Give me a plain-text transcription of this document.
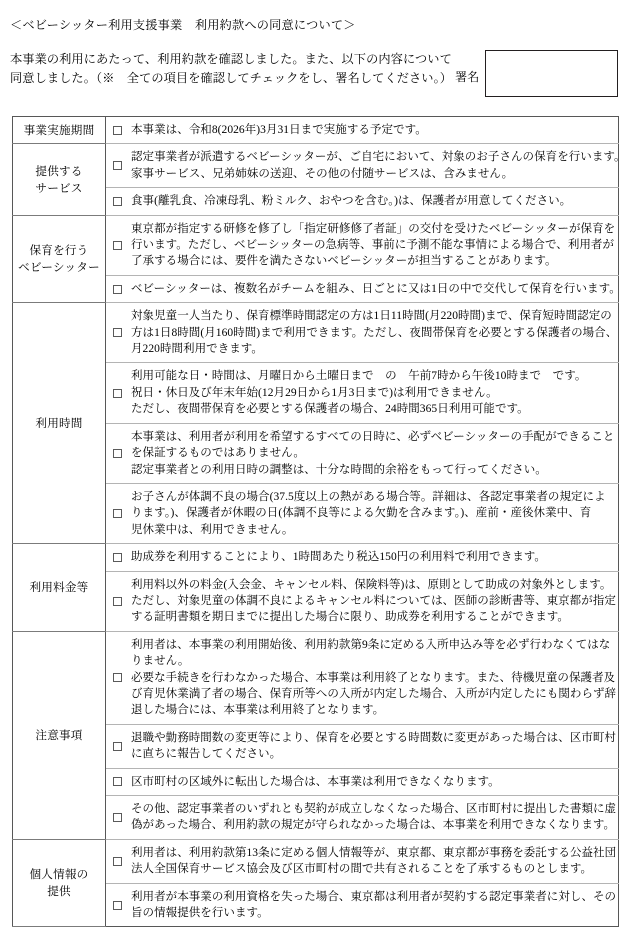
＜ベビーシッター利用支援事業　利用約款への同意について＞
本事業の利用にあたって、利用約款を確認しました。また、以下の内容について
同意しました。（※　全ての項目を確認してチェックをし、署名してください。） 署名
事業実施期間	本事業は、令和8(2026年)3月31日まで実施する予定です。

提供する
サービス	認定事業者が派遣するベビーシッターが、ご自宅において、対象のお子さんの保育を行います。
家事サービス、兄弟姉妹の送迎、その他の付随サービスは、含みません。

	食事(離乳食、冷凍母乳、粉ミルク、おやつを含む。)は、保護者が用意してください。

保育を行う
ベビーシッター	東京都が指定する研修を修了し「指定研修修了者証」の交付を受けたベビーシッターが保育を
行います。ただし、ベビーシッターの急病等、事前に予測不能な事情による場合で、利用者が
了承する場合には、要件を満たさないベビーシッターが担当することがあります。

	ベビーシッターは、複数名がチームを組み、日ごとに又は1日の中で交代して保育を行います。

利用時間	対象児童一人当たり、保育標準時間認定の方は1日11時間(月220時間)まで、保育短時間認定の
方は1日8時間(月160時間)まで利用できます。ただし、夜間帯保育を必要とする保護者の場合、
月220時間利用できます。

	利用可能な日・時間は、月曜日から土曜日まで　の　午前7時から午後10時まで　です。
祝日・休日及び年末年始(12月29日から1月3日まで)は利用できません。
ただし、夜間帯保育を必要とする保護者の場合、24時間365日利用可能です。

	本事業は、利用者が利用を希望するすべての日時に、必ずベビーシッターの手配ができること
を保証するものではありません。
認定事業者との利用日時の調整は、十分な時間的余裕をもって行ってください。

	お子さんが体調不良の場合(37.5度以上の熱がある場合等。詳細は、各認定事業者の規定によ
ります。)、保護者が休暇の日(体調不良等による欠勤を含みます。)、産前・産後休業中、育
児休業中は、利用できません。

利用料金等	助成券を利用することにより、1時間あたり税込150円の利用料で利用できます。

	利用料以外の料金(入会金、キャンセル料、保険料等)は、原則として助成の対象外とします。
ただし、対象児童の体調不良によるキャンセル料については、医師の診断書等、東京都が指定
する証明書類を期日までに提出した場合に限り、助成券を利用することができます。

注意事項	利用者は、本事業の利用開始後、利用約款第9条に定める入所申込み等を必ず行わなくてはな
りません。
必要な手続きを行わなかった場合、本事業は利用終了となります。また、待機児童の保護者及
び育児休業満了者の場合、保育所等への入所が内定した場合、入所が内定したにも関わらず辞
退した場合には、本事業は利用終了となります。

	退職や勤務時間数の変更等により、保育を必要とする時間数に変更があった場合は、区市町村
に直ちに報告してください。

	区市町村の区域外に転出した場合は、本事業は利用できなくなります。

	その他、認定事業者のいずれとも契約が成立しなくなった場合、区市町村に提出した書類に虚
偽があった場合、利用約款の規定が守られなかった場合は、本事業を利用できなくなります。

個人情報の
提供	利用者は、利用約款第13条に定める個人情報等が、東京都、東京都が事務を委託する公益社団
法人全国保育サービス協会及び区市町村の間で共有されることを了承するものとします。

	利用者が本事業の利用資格を失った場合、東京都は利用者が契約する認定事業者に対し、その
旨の情報提供を行います。
